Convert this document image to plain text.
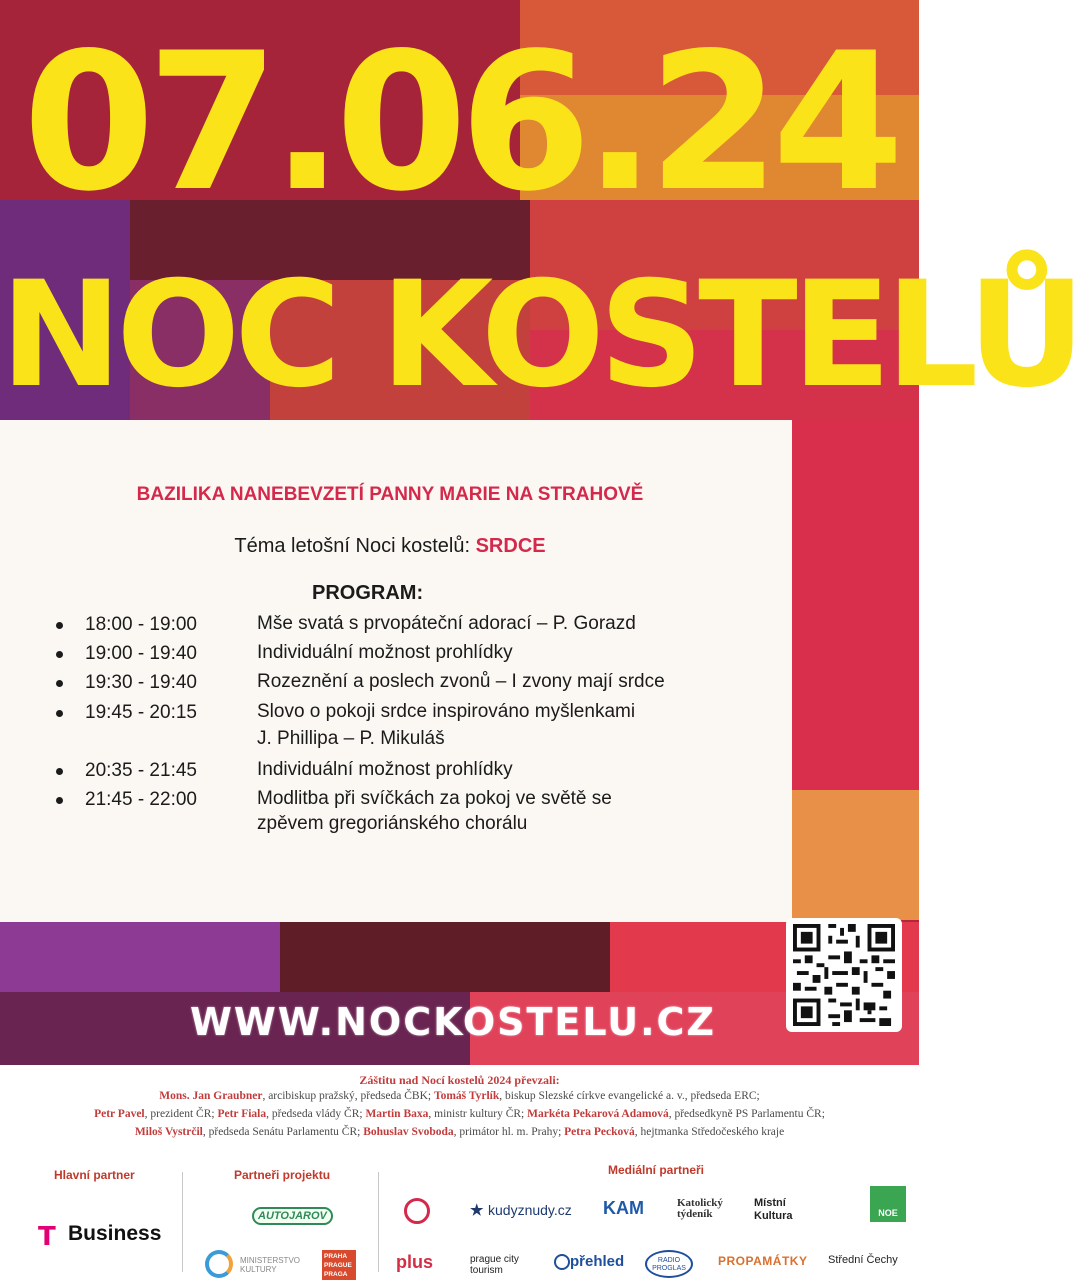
07.06.24
NOC KOSTELŮ
BAZILIKA NANEBEVZETÍ PANNY MARIE NA STRAHOVĚ
Téma letošní Noci kostelů: SRDCE
PROGRAM:
18:00 - 19:00	Mše svatá s prvopáteční adorací – P. Gorazd
19:00 - 19:40	Individuální možnost prohlídky
19:30 - 19:40	Rozeznění a poslech zvonů – I zvony mají srdce
19:45 - 20:15	Slovo o pokoji srdce inspirováno myšlenkami
J. Phillipa – P. Mikuláš
20:35 - 21:45	Individuální možnost prohlídky
21:45 - 22:00	Modlitba při svíčkách za pokoj ve světě se
zpěvem gregoriánského chorálu
WWW.NOCKOSTELU.CZ
Záštitu nad Nocí kostelů 2024 převzali:
Mons. Jan Graubner, arcibiskup pražský, předseda ČBK; Tomáš Tyrlík, biskup Slezské církve evangelické a. v., předseda ERC;
Petr Pavel, prezident ČR; Petr Fiala, předseda vlády ČR; Martin Baxa, ministr kultury ČR; Markéta Pekarová Adamová, předsedkyně PS Parlamentu ČR;
Miloš Vystrčil, předseda Senátu Parlamentu ČR; Bohuslav Svoboda, primátor hl. m. Prahy; Petra Pecková, hejtmanka Středočeského kraje
Hlavní partner	Partneři projektu	Mediální partneři
T Business
AUTOJAROV
MINISTERSTVO KULTURY
PRAHA PRAGUE PRAGA
★ kudyznudy.cz KAM	Katolický týdeník
Místní Kultura	NOE
plus	prague city tourism
přehled	RADIO PROGLAS
PROPAMÁTKY Střední Čechy
